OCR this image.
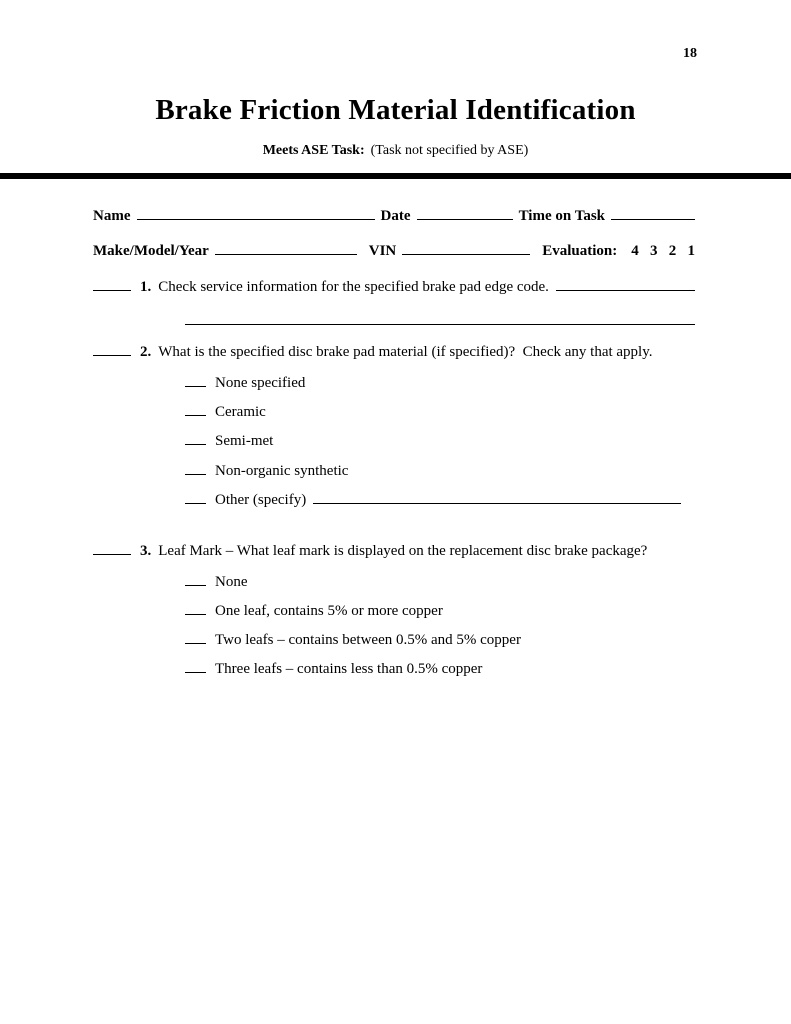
18
Brake Friction Material Identification
Meets ASE Task: (Task not specified by ASE)
Name	Date	Time on Task
Make/Model/Year	VIN	Evaluation: 4   3   2   1
1. Check service information for the specified brake pad edge code.
2. What is the specified disc brake pad material (if specified)?  Check any that apply.
None specified
Ceramic
Semi-met
Non-organic synthetic
Other (specify)
3. Leaf Mark – What leaf mark is displayed on the replacement disc brake package?
None
One leaf, contains 5% or more copper
Two leafs – contains between 0.5% and 5% copper
Three leafs – contains less than 0.5% copper
